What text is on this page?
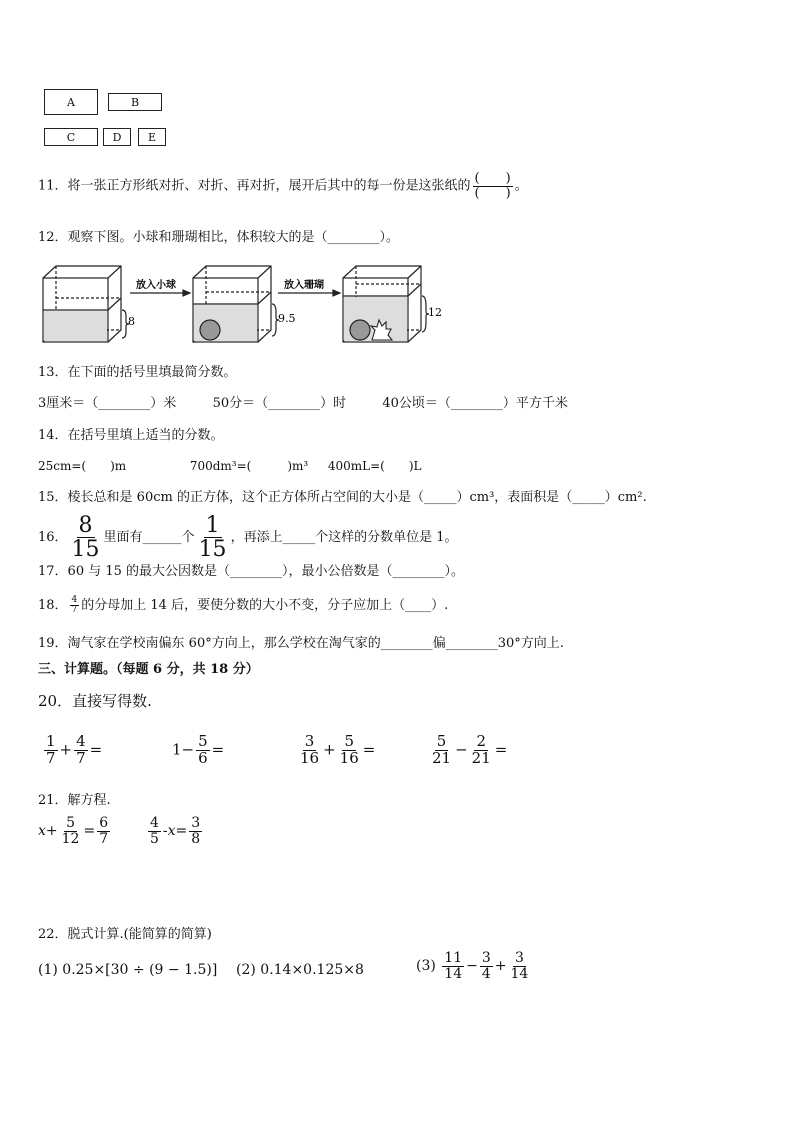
A	B
C	D E
11．将一张正方形纸对折、对折、再对折，展开后其中的每一份是这张纸的 $\frac{( )}{( )}$ 。
12．观察下图。小球和珊瑚相比，体积较大的是（________）。
放入小球	放入珊瑚
8	9.5	12
13．在下面的括号里填最简分数。
3厘米＝（________）米	50分＝（________）时	40公顷＝（________）平方千米
14．在括号里填上适当的分数。
25cm=(　　)m	700dm³=(　　　)m³ 400mL=(　　)L
15．棱长总和是 60cm 的正方体，这个正方体所占空间的大小是（_____）cm³，表面积是（_____）cm².
16． $\frac{8}{15}$ 里面有______个 $\frac{1}{15}$ ，再添上_____个这样的分数单位是 1。
17．60 与 15 的最大公因数是（________），最小公倍数是（________）。
18． $\frac{4}{7}$ 的分母加上 14 后，要使分数的大小不变，分子应加上（____）.
19．淘气家在学校南偏东 60°方向上，那么学校在淘气家的________偏________30°方向上.
三、计算题。（每题 6 分，共 18 分）
20．直接写得数.
$\frac{1}{7} + \frac{4}{7}$ =	$1- \frac{5}{6}$ =	$\frac{3}{16} + \frac{5}{16}$ =	$\frac{5}{21} - \frac{2}{21}$ =
21．解方程.
$x+ \frac{5}{12} = \frac{6}{7}$	$\frac{4}{5} -x= \frac{3}{8}$
22．脱式计算.(能简算的简算)
(1) 0.25×[30 ÷ (9 − 1.5)] (2) 0.14×0.125×8	$(3) \frac{11}{14} - \frac{3}{4} + \frac{3}{14}$
